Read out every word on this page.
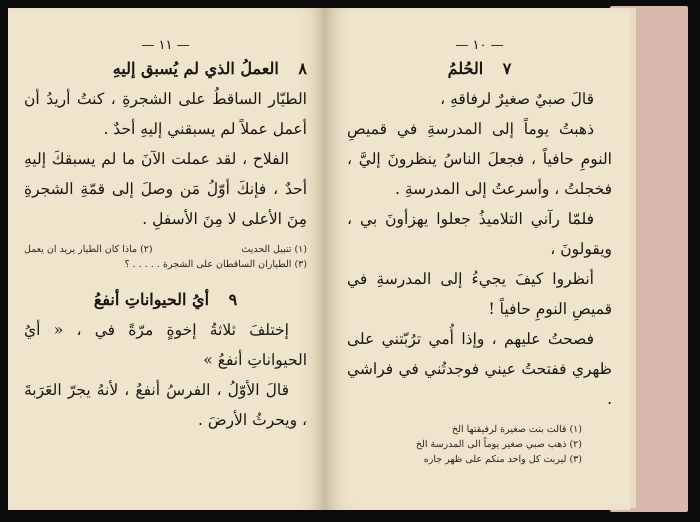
— ١١ —
٨ العملُ الذي لم يُسبق إليهِ

الطيّار الساقطُ على الشجرةِ ، كنتُ أريدُ أن أعمل عملاً لم يسبقني إليهِ أحدٌ .

الفلاح ، لقد عملت الآنَ ما لم يسبقكَ إليهِ أحدٌ ، فإنكَ أوّلُ مَن وصلَ إلى قمّةِ الشجرةِ مِنَ الأعلى لا مِنَ الأسفلِ .

(١) تنبيل الحديث
(٢) ماذا كان الطيار يريد ان يعمل
(٣) الطياران الساقطان على الشجرة . . . . . ؟
٩ أيُ الحيواناتِ أنفعُ

إختلفَ ثلاثةُ إخوةٍ مرّةً في ، « أيُ الحيواناتِ أنفعُ »

قالَ الأوّلُ ، الفرسُ أنفعُ ، لأنهُ يجرّ العَرَبةَ ، ويحرثُ الأرضَ .

— ١٠ —
٧ الحُلمُ

قالَ صبيٌ صغيرٌ لرفاقهِ ،

ذهبتُ يوماً إلى المدرسةِ في قميصِ النومِ حافياً ، فجعلَ الناسُ ينظرونَ إليَّ ، فخجلتُ ، وأسرعتُ إلى المدرسةِ .

فلمّا رآني التلاميذُ جعلوا يهزأونَ بي ، ويقولونَ ،

أنظروا كيفَ يجيءُ إلى المدرسةِ في قميصِ النومِ حافياً !

فصحتُ عليهم ، وإذا أُمي ترُبّتني على ظهري ففتحتُ عيني فوجدتُني في فراشي .

(١) قالت بنت صغيرة لرفيقتها الخ
(٢) ذهب صبي صغير يوماً الى المدرسة الخ
(٣) ليربت كل واحد منكم على ظهر جاره
